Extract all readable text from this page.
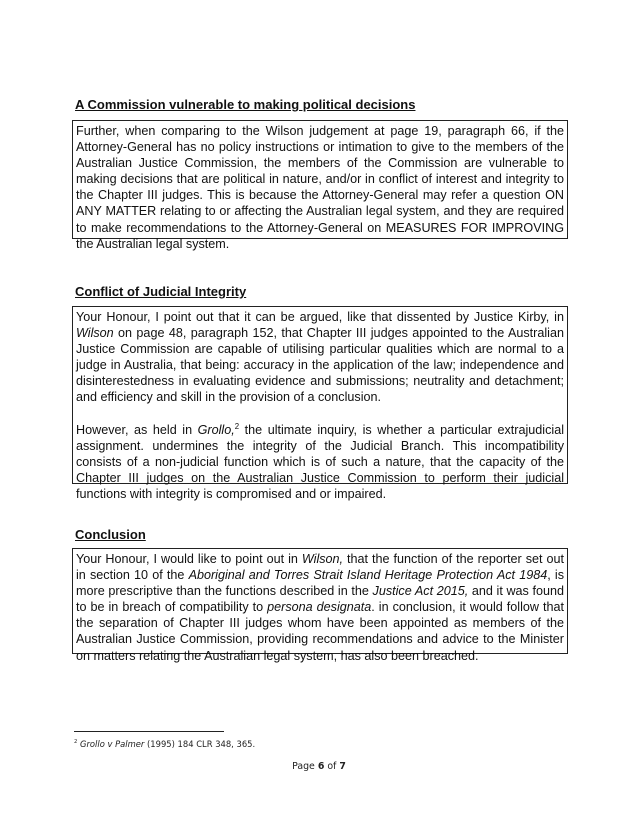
A Commission vulnerable to making political decisions

Further, when comparing to the Wilson judgement at page 19, paragraph 66, if the Attorney-General has no policy instructions or intimation to give to the members of the Australian Justice Commission, the members of the Commission are vulnerable to making decisions that are political in nature, and/or in conflict of interest and integrity to the Chapter III judges. This is because the Attorney-General may refer a question ON ANY MATTER relating to or affecting the Australian legal system, and they are required to make recommendations to the Attorney-General on MEASURES FOR IMPROVING the Australian legal system.

Conflict of Judicial Integrity

Your Honour, I point out that it can be argued, like that dissented by Justice Kirby, in Wilson on page 48, paragraph 152, that Chapter III judges appointed to the Australian Justice Commission are capable of utilising particular qualities which are normal to a judge in Australia, that being: accuracy in the application of the law; independence and disinterestedness in evaluating evidence and submissions; neutrality and detachment; and efficiency and skill in the provision of a conclusion.

However, as held in Grollo,$^2$ the ultimate inquiry, is whether a particular extrajudicial assignment. undermines the integrity of the Judicial Branch. This incompatibility consists of a non-judicial function which is of such a nature, that the capacity of the Chapter III judges on the Australian Justice Commission to perform their judicial functions with integrity is compromised and or impaired.

Conclusion

Your Honour, I would like to point out in Wilson, that the function of the reporter set out in section 10 of the Aboriginal and Torres Strait Island Heritage Protection Act 1984, is more prescriptive than the functions described in the Justice Act 2015, and it was found to be in breach of compatibility to persona designata. in conclusion, it would follow that the separation of Chapter III judges whom have been appointed as members of the Australian Justice Commission, providing recommendations and advice to the Minister on matters relating the Australian legal system, has also been breached.

$^2$ Grollo v Palmer (1995) 184 CLR 348, 365.
Page 6 of 7
